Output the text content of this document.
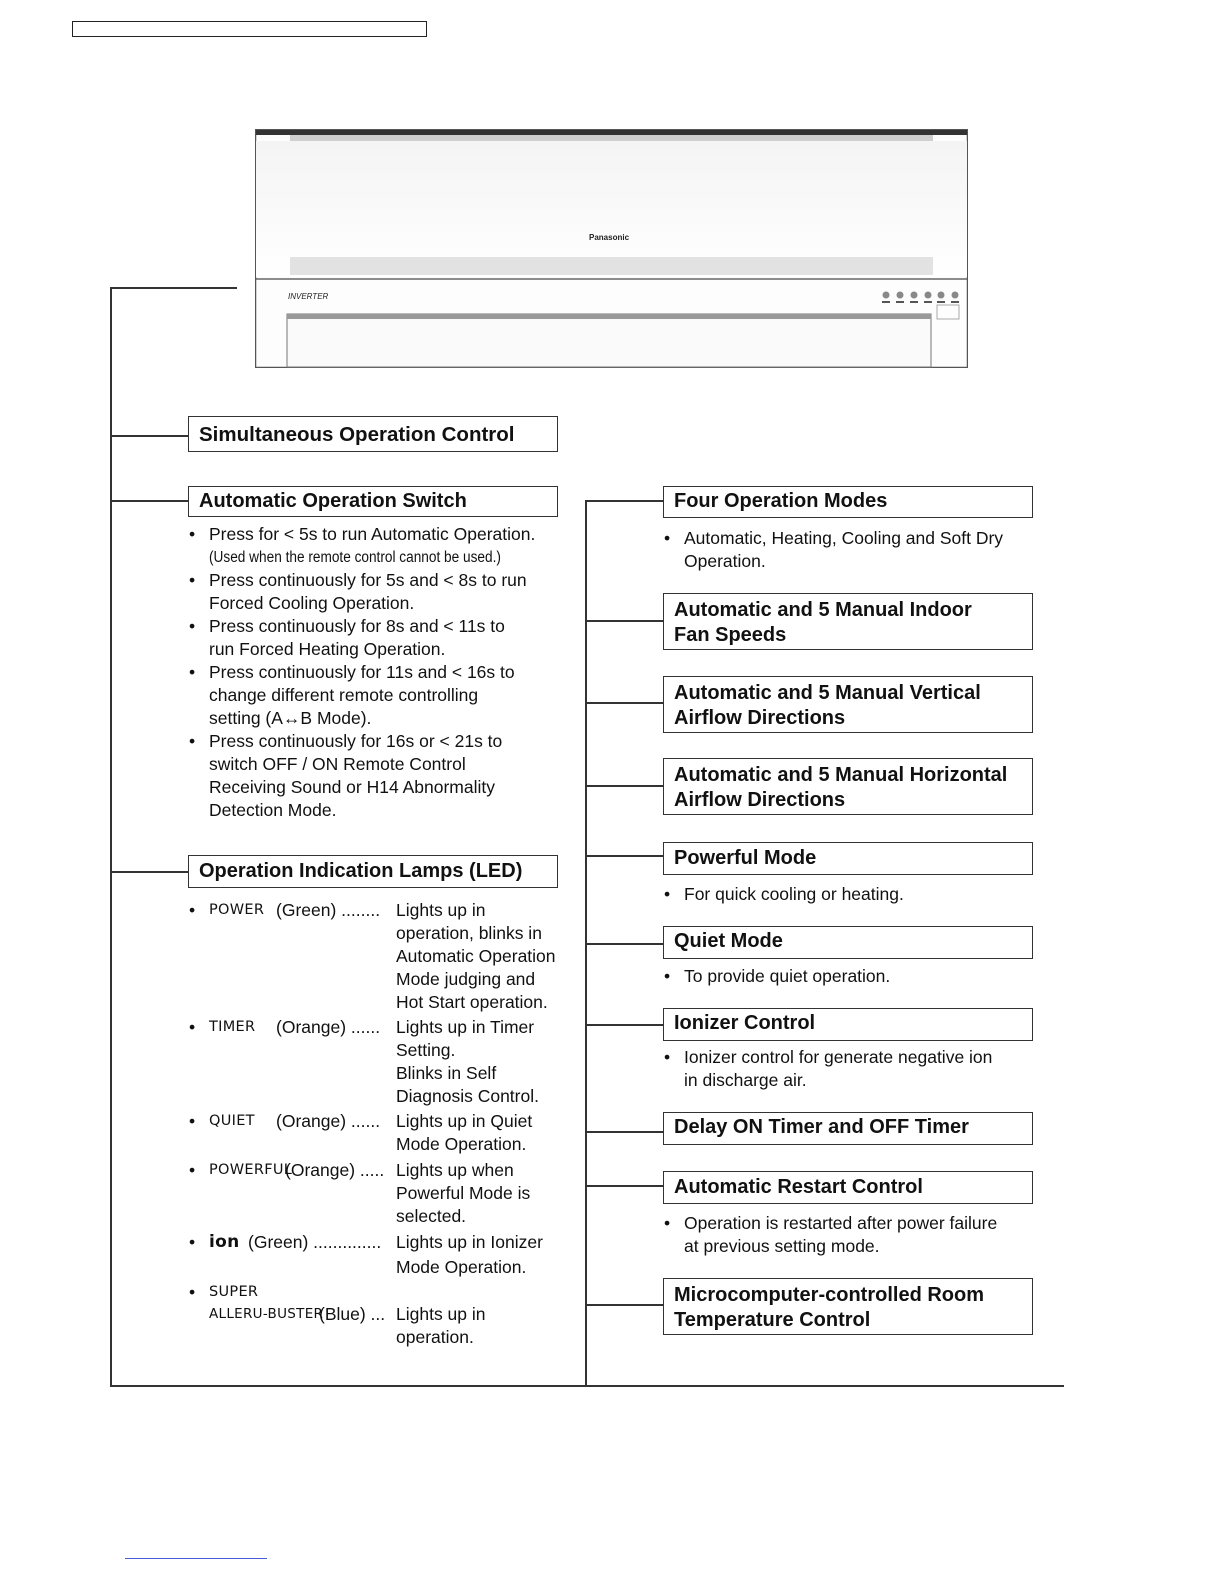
Panasonic
INVERTER
Simultaneous Operation Control
Automatic Operation Switch
• Press for < 5s to run Automatic Operation.
(Used when the remote control cannot be used.)
• Press continuously for 5s and < 8s to run
Forced Cooling Operation.
• Press continuously for 8s and < 11s to
run Forced Heating Operation.
• Press continuously for 11s and < 16s to
change different remote controlling
setting (A↔B Mode).
• Press continuously for 16s or < 21s to
switch OFF / ON Remote Control
Receiving Sound or H14 Abnormality
Detection Mode.
Operation Indication Lamps (LED)
• POWER (Green) ........ Lights up in
operation, blinks in
Automatic Operation
Mode judging and
Hot Start operation.
• TIMER (Orange) ...... Lights up in Timer
Setting.
Blinks in Self
Diagnosis Control.
• QUIET (Orange) ...... Lights up in Quiet
Mode Operation.
• POWERFUL
(Orange) ..... Lights up when
Powerful Mode is
selected.
• ion (Green) .............. Lights up in Ionizer
Mode Operation.
• SUPER
ALLERU-BUSTER
(Blue) ... Lights up in
operation.
Four Operation Modes
• Automatic, Heating, Cooling and Soft Dry
Operation.
Automatic and 5 Manual Indoor
Fan Speeds
Automatic and 5 Manual Vertical
Airflow Directions
Automatic and 5 Manual Horizontal
Airflow Directions
Powerful Mode
• For quick cooling or heating.
Quiet Mode
• To provide quiet operation.
Ionizer Control
• Ionizer control for generate negative ion
in discharge air.
Delay ON Timer and OFF Timer
Automatic Restart Control
• Operation is restarted after power failure
at previous setting mode.
Microcomputer-controlled Room
Temperature Control
